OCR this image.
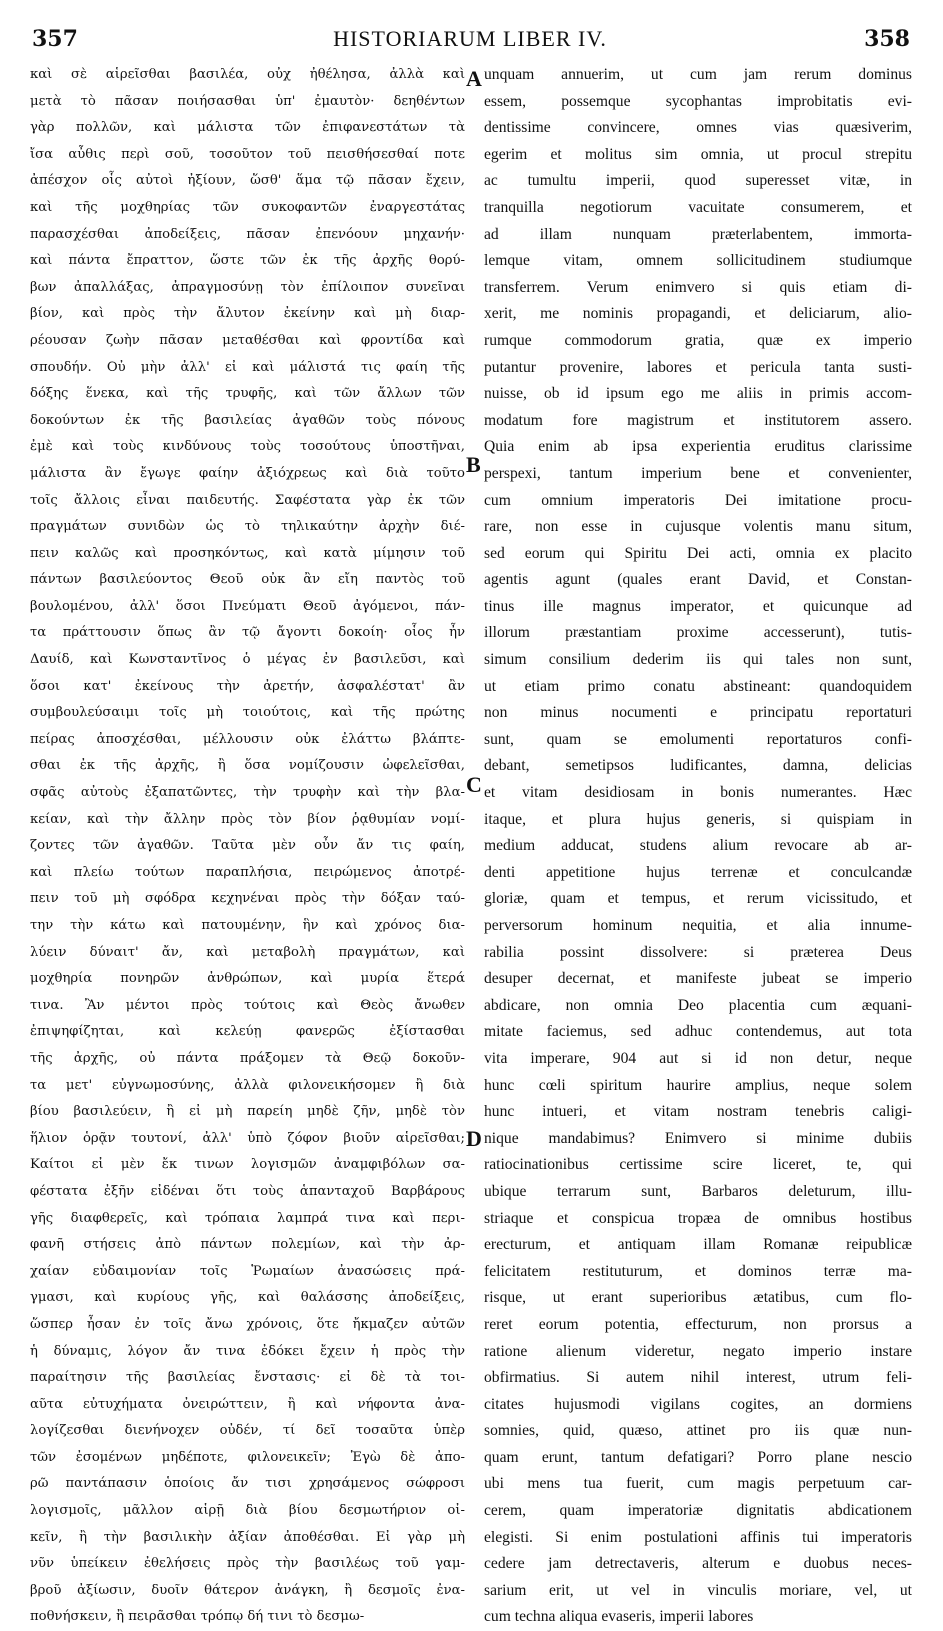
357	HISTORIARUM LIBER IV.	358
καὶ σὲ αἱρεῖσθαι βασιλέα, οὐχ ἠθέλησα, ἀλλὰ καὶ
μετὰ τὸ πᾶσαν ποιήσασθαι ὑπ' ἐμαυτὸν· δεηθέντων
γὰρ πολλῶν, καὶ μάλιστα τῶν ἐπιφανεστάτων τὰ
ἴσα αὖθις περὶ σοῦ, τοσοῦτον τοῦ πεισθήσεσθαί ποτε
ἀπέσχον οἷς αὐτοὶ ἠξίουν, ὥσθ' ἅμα τῷ πᾶσαν ἔχειν,
καὶ τῆς μοχθηρίας τῶν συκοφαντῶν ἐναργεστάτας
παρασχέσθαι ἀποδείξεις, πᾶσαν ἐπενόουν μηχανήν·
καὶ πάντα ἔπραττον, ὥστε τῶν ἐκ τῆς ἀρχῆς θορύ-
βων ἀπαλλάξας, ἀπραγμοσύνῃ τὸν ἐπίλοιπον συνεῖναι
βίον, καὶ πρὸς τὴν ἄλυτον ἐκείνην καὶ μὴ διαρ-
ρέουσαν ζωὴν πᾶσαν μεταθέσθαι καὶ φροντίδα καὶ
σπουδήν. Οὐ μὴν ἀλλ' εἰ καὶ μάλιστά τις φαίη τῆς
δόξης ἕνεκα, καὶ τῆς τρυφῆς, καὶ τῶν ἄλλων τῶν
δοκούντων ἐκ τῆς βασιλείας ἀγαθῶν τοὺς πόνους
ἐμὲ καὶ τοὺς κινδύνους τοὺς τοσούτους ὑποστῆναι,
μάλιστα ἂν ἔγωγε φαίην ἀξιόχρεως καὶ διὰ τοῦτο
τοῖς ἄλλοις εἶναι παιδευτής. Σαφέστατα γὰρ ἐκ τῶν
πραγμάτων συνιδὼν ὡς τὸ τηλικαύτην ἀρχὴν διέ-
πειν καλῶς καὶ προσηκόντως, καὶ κατὰ μίμησιν τοῦ
πάντων βασιλεύοντος Θεοῦ οὐκ ἂν εἴη παντὸς τοῦ
βουλομένου, ἀλλ' ὅσοι Πνεύματι Θεοῦ ἀγόμενοι, πάν-
τα πράττουσιν ὅπως ἂν τῷ ἄγοντι δοκοίη· οἷος ἦν
Δαυίδ, καὶ Κωνσταντῖνος ὁ μέγας ἐν βασιλεῦσι, καὶ
ὅσοι κατ' ἐκείνους τὴν ἀρετήν, ἀσφαλέστατ' ἂν
συμβουλεύσαιμι τοῖς μὴ τοιούτοις, καὶ τῆς πρώτης
πείρας ἀποσχέσθαι, μέλλουσιν οὐκ ἐλάττω βλάπτε-
σθαι ἐκ τῆς ἀρχῆς, ἢ ὅσα νομίζουσιν ὠφελεῖσθαι,
σφᾶς αὐτοὺς ἐξαπατῶντες, τὴν τρυφὴν καὶ τὴν βλα-
κείαν, καὶ τὴν ἄλλην πρὸς τὸν βίον ῥᾳθυμίαν νομί-
ζοντες τῶν ἀγαθῶν. Ταῦτα μὲν οὖν ἄν τις φαίη,
καὶ πλείω τούτων παραπλήσια, πειρώμενος ἀποτρέ-
πειν τοῦ μὴ σφόδρα κεχηνέναι πρὸς τὴν δόξαν ταύ-
την τὴν κάτω καὶ πατουμένην, ἣν καὶ χρόνος δια-
λύειν δύναιτ' ἄν, καὶ μεταβολὴ πραγμάτων, καὶ
μοχθηρία πονηρῶν ἀνθρώπων, καὶ μυρία ἕτερά
τινα. Ἂν μέντοι πρὸς τούτοις καὶ Θεὸς ἄνωθεν
ἐπιψηφίζηται, καὶ κελεύῃ φανερῶς ἐξίστασθαι
τῆς ἀρχῆς, οὐ πάντα πράξομεν τὰ Θεῷ δοκοῦν-
τα μετ' εὐγνωμοσύνης, ἀλλὰ φιλονεικήσομεν ἢ διὰ
βίου βασιλεύειν, ἢ εἰ μὴ παρείη μηδὲ ζῆν, μηδὲ τὸν
ἥλιον ὁρᾷν τουτονί, ἀλλ' ὑπὸ ζόφον βιοῦν αἱρεῖσθαι;
Καίτοι εἰ μὲν ἔκ τινων λογισμῶν ἀναμφιβόλων σα-
φέστατα ἐξῆν εἰδέναι ὅτι τοὺς ἁπανταχοῦ Βαρβάρους
γῆς διαφθερεῖς, καὶ τρόπαια λαμπρά τινα καὶ περι-
φανῆ στήσεις ἀπὸ πάντων πολεμίων, καὶ τὴν ἀρ-
χαίαν εὐδαιμονίαν τοῖς Ῥωμαίων ἀνασώσεις πρά-
γμασι, καὶ κυρίους γῆς, καὶ θαλάσσης ἀποδείξεις,
ὥσπερ ἦσαν ἐν τοῖς ἄνω χρόνοις, ὅτε ἤκμαζεν αὐτῶν
ἡ δύναμις, λόγον ἄν τινα ἐδόκει ἔχειν ἡ πρὸς τὴν
παραίτησιν τῆς βασιλείας ἔνστασις· εἰ δὲ τὰ τοι-
αῦτα εὐτυχήματα ὀνειρώττειν, ἢ καὶ νήφοντα ἀνα-
λογίζεσθαι διενήνοχεν οὐδέν, τί δεῖ τοσαῦτα ὑπὲρ
τῶν ἐσομένων μηδέποτε, φιλονεικεῖν; Ἐγὼ δὲ ἀπο-
ρῶ παντάπασιν ὁποίοις ἄν τισι χρησάμενος σώφροσι
λογισμοῖς, μᾶλλον αἱρῇ διὰ βίου δεσμωτήριον οἰ-
κεῖν, ἢ τὴν βασιλικὴν ἀξίαν ἀποθέσθαι. Εἰ γὰρ μὴ
νῦν ὑπείκειν ἐθελήσεις πρὸς τὴν βασιλέως τοῦ γαμ-
βροῦ ἀξίωσιν, δυοῖν θάτερον ἀνάγκη, ἢ δεσμοῖς ἐνα-
ποθνήσκειν, ἢ πειρᾶσθαι τρόπῳ δή τινι τὸ δεσμω-
unquam annuerim, ut cum jam rerum dominus
essem, possemque sycophantas improbitatis evi-
dentissime convincere, omnes vias quæsiverim,
egerim et molitus sim omnia, ut procul strepitu
ac tumultu imperii, quod superesset vitæ, in
tranquilla negotiorum vacuitate consumerem, et
ad illam nunquam præterlabentem, immorta-
lemque vitam, omnem sollicitudinem studiumque
transferrem. Verum enimvero si quis etiam di-
xerit, me nominis propagandi, et deliciarum, alio-
rumque commodorum gratia, quæ ex imperio
putantur provenire, labores et pericula tanta susti-
nuisse, ob id ipsum ego me aliis in primis accom-
modatum fore magistrum et institutorem assero.
Quia enim ab ipsa experientia eruditus clarissime
perspexi, tantum imperium bene et convenienter,
cum omnium imperatoris Dei imitatione procu-
rare, non esse in cujusque volentis manu situm,
sed eorum qui Spiritu Dei acti, omnia ex placito
agentis agunt (quales erant David, et Constan-
tinus ille magnus imperator, et quicunque ad
illorum præstantiam proxime accesserunt), tutis-
simum consilium dederim iis qui tales non sunt,
ut etiam primo conatu abstineant: quandoquidem
non minus nocumenti e principatu reportaturi
sunt, quam se emolumenti reportaturos confi-
debant, semetipsos ludificantes, damna, delicias
et vitam desidiosam in bonis numerantes. Hæc
itaque, et plura hujus generis, si quispiam in
medium adducat, studens alium revocare ab ar-
denti appetitione hujus terrenæ et conculcandæ
gloriæ, quam et tempus, et rerum vicissitudo, et
perversorum hominum nequitia, et alia innume-
rabilia possint dissolvere: si præterea Deus
desuper decernat, et manifeste jubeat se imperio
abdicare, non omnia Deo placentia cum æquani-
mitate faciemus, sed adhuc contendemus, aut tota
vita imperare, 904 aut si id non detur, neque
hunc cœli spiritum haurire amplius, neque solem
hunc intueri, et vitam nostram tenebris caligi-
nique mandabimus? Enimvero si minime dubiis
ratiocinationibus certissime scire liceret, te, qui
ubique terrarum sunt, Barbaros deleturum, illu-
striaque et conspicua tropæa de omnibus hostibus
erecturum, et antiquam illam Romanæ reipublicæ
felicitatem restituturum, et dominos terræ ma-
risque, ut erant superioribus ætatibus, cum flo-
reret eorum potentia, effecturum, non prorsus a
ratione alienum videretur, negato imperio instare
obfirmatius. Si autem nihil interest, utrum feli-
citates hujusmodi vigilans cogites, an dormiens
somnies, quid, quæso, attinet pro iis quæ nun-
quam erunt, tantum defatigari? Porro plane nescio
ubi mens tua fuerit, cum magis perpetuum car-
cerem, quam imperatoriæ dignitatis abdicationem
elegisti. Si enim postulationi affinis tui imperatoris
cedere jam detrectaveris, alterum e duobus neces-
sarium erit, ut vel in vinculis moriare, vel, ut
cum techna aliqua evaseris, imperii labores
A
B
C
D
